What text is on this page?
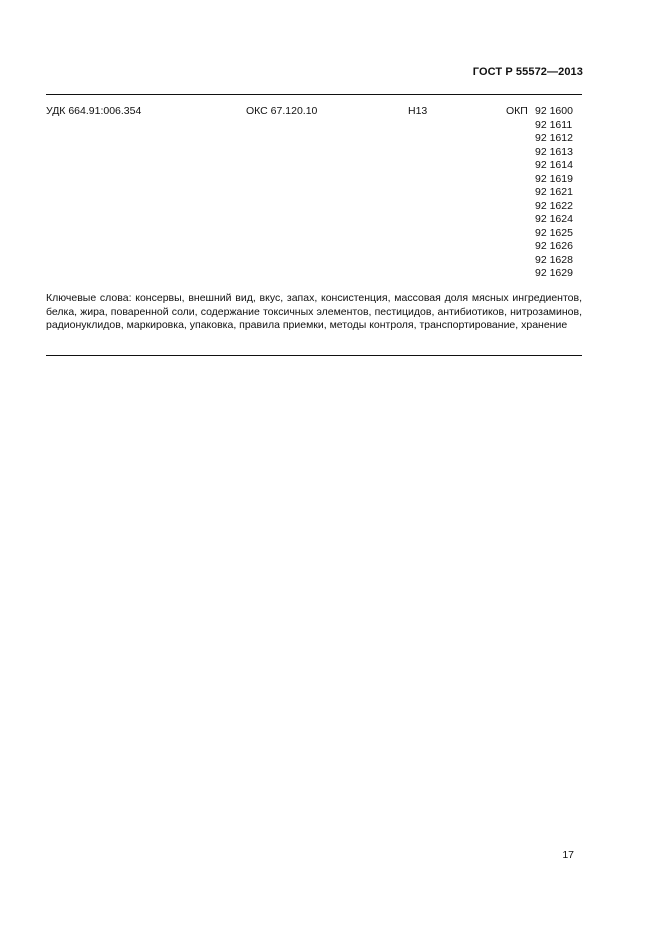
ГОСТ Р 55572—2013
УДК 664.91:006.354	ОКС 67.120.10	Н13	ОКП 92 1600
92 1611
92 1612
92 1613
92 1614
92 1619
92 1621
92 1622
92 1624
92 1625
92 1626
92 1628
92 1629

Ключевые слова: консервы, внешний вид, вкус, запах, консистенция, массовая доля мясных ингредиентов, белка, жира, поваренной соли, содержание токсичных элементов, пестицидов, антибиотиков, нитрозаминов, радионуклидов, маркировка, упаковка, правила приемки, методы контроля, транспортирование, хранение

17
